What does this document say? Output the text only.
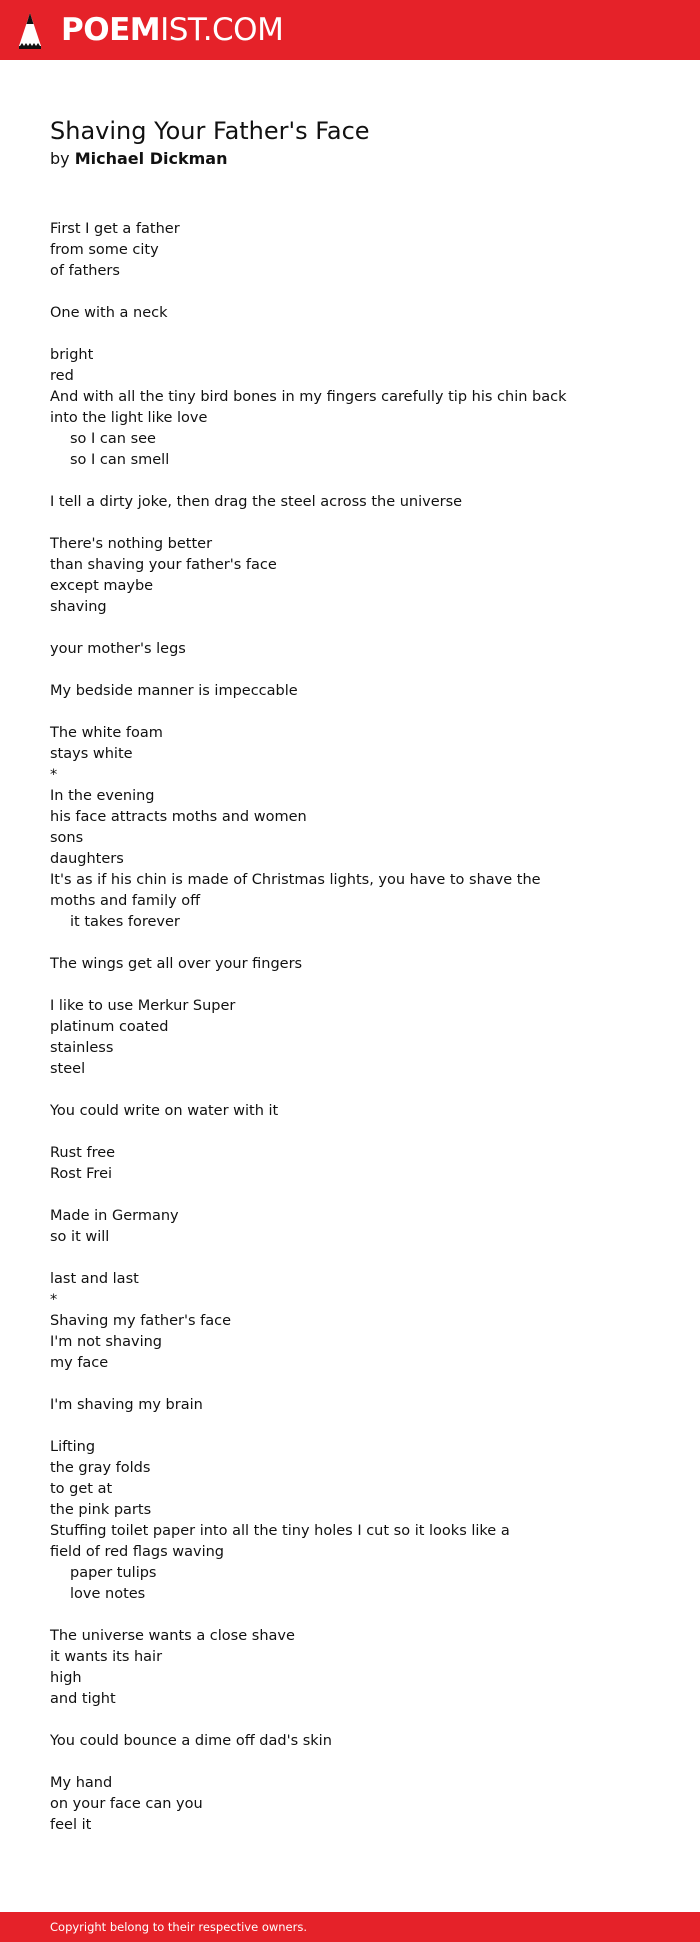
POEMIST.COM
Shaving Your Father's Face
by Michael Dickman
First I get a father
from some city
of fathers
One with a neck
bright
red
And with all the tiny bird bones in my fingers carefully tip his chin back
into the light like love
so I can see
so I can smell
I tell a dirty joke, then drag the steel across the universe
There's nothing better
than shaving your father's face
except maybe
shaving
your mother's legs
My bedside manner is impeccable
The white foam
stays white
*
In the evening
his face attracts moths and women
sons
daughters
It's as if his chin is made of Christmas lights, you have to shave the
moths and family off
it takes forever
The wings get all over your fingers
I like to use Merkur Super
platinum coated
stainless
steel
You could write on water with it
Rust free
Rost Frei
Made in Germany
so it will
last and last
*
Shaving my father's face
I'm not shaving
my face
I'm shaving my brain
Lifting
the gray folds
to get at
the pink parts
Stuffing toilet paper into all the tiny holes I cut so it looks like a
field of red flags waving
paper tulips
love notes
The universe wants a close shave
it wants its hair
high
and tight
You could bounce a dime off dad's skin
My hand
on your face can you
feel it
Copyright belong to their respective owners.
